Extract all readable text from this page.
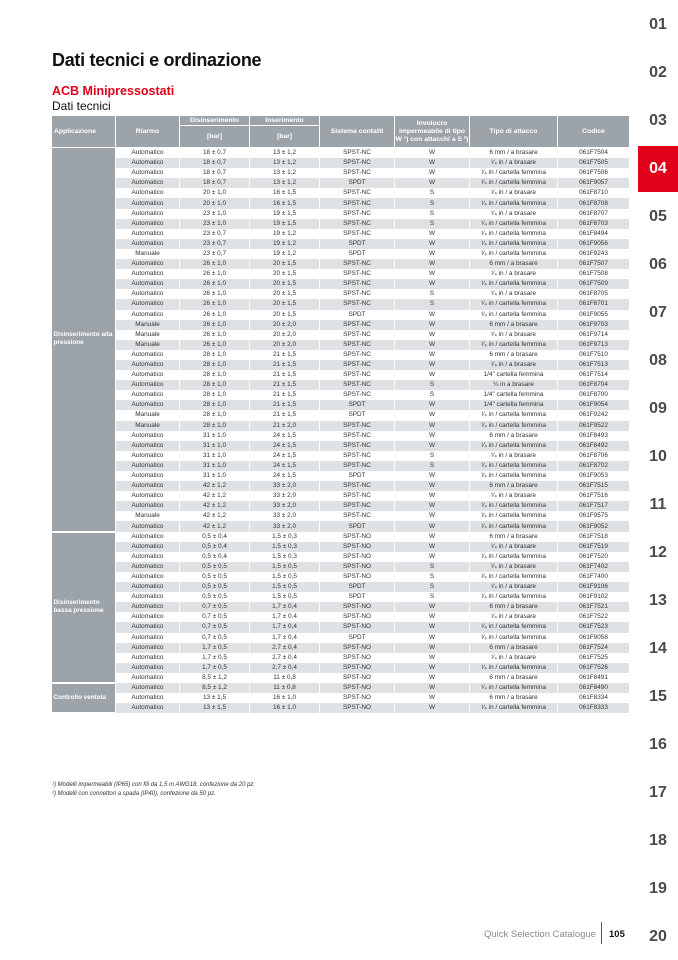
Dati tecnici e ordinazione
ACB Minipressostati
Dati tecnici
Applicazione	Riarmo	Disinserimento	Inserimento	Sistema contatti	Involucro impermeabile di tipo W ¹) con attacchi a S ²)	Tipo di attacco	Codice
		[bar]	[bar]				
Disinserimento alta pressione	Automatico	18 ± 0,7	13 ± 1,2	SPST-NC	W	6 mm / a brasare	061F7504
	Automatico	18 ± 0,7	13 ± 1,2	SPST-NC	W	¹⁄₄ in / a brasare	061F7505
	Automatico	18 ± 0,7	13 ± 1,2	SPST-NC	W	¹⁄₄ in / cartella femmina	061F7506
	Automatico	18 ± 0,7	13 ± 1,2	SPDT	W	¹⁄₄ in / cartella femmina	061F9057
	Automatico	20 ± 1,0	16 ± 1,5	SPST-NC	S	¹⁄₄ in / a brasare	061F8710
	Automatico	20 ± 1,0	16 ± 1,5	SPST-NC	S	¹⁄₄ in / cartella femmina	061F8708
	Automatico	23 ± 1,0	19 ± 1,5	SPST-NC	S	¹⁄₄ in / a brasare	061F8707
	Automatico	23 ± 1,0	19 ± 1,5	SPST-NC	S	¹⁄₄ in / cartella femmina	061F8703
	Automatico	23 ± 0,7	19 ± 1,2	SPST-NC	W	¹⁄₄ in / cartella femmina	061F8494
	Automatico	23 ± 0,7	19 ± 1,2	SPDT	W	¹⁄₄ in / cartella femmina	061F9056
	Manuale	23 ± 0,7	19 ± 1,2	SPDT	W	¹⁄₄ in / cartella femmina	061F9243
	Automatico	26 ± 1,0	20 ± 1,5	SPST-NC	W	6 mm / a brasare	061F7507
	Automatico	26 ± 1,0	20 ± 1,5	SPST-NC	W	¹⁄₄ in / a brasare	061F7508
	Automatico	26 ± 1,0	20 ± 1,5	SPST-NC	W	¹⁄₄ in / cartella femmina	061F7509
	Automatico	26 ± 1,0	20 ± 1,5	SPST-NC	S	¹⁄₄ in / a brasare	061F8705
	Automatico	26 ± 1,0	20 ± 1,5	SPST-NC	S	¹⁄₄ in / cartella femmina	061F8701
	Automatico	26 ± 1,0	20 ± 1,5	SPDT	W	¹⁄₄ in / cartella femmina	061F9055
	Manuale	26 ± 1,0	20 ± 2,0	SPST-NC	W	6 mm / a brasare	061F9703
	Manuale	26 ± 1,0	20 ± 2,0	SPST-NC	W	¹⁄₄ in / a brasare	061F9714
	Manuale	26 ± 1,0	20 ± 2,0	SPST-NC	W	¹⁄₄ in / cartella femmina	061F9713
	Automatico	28 ± 1,0	21 ± 1,5	SPST-NC	W	6 mm / a brasare	061F7510
	Automatico	28 ± 1,0	21 ± 1,5	SPST-NC	W	¹⁄₄ in / a brasare	061F7513
	Automatico	28 ± 1,0	21 ± 1,5	SPST-NC	W	1/4" cartella femmina	061F7514
	Automatico	28 ± 1,0	21 ± 1,5	SPST-NC	S	¼ in a brasare	061F8704
	Automatico	28 ± 1,0	21 ± 1,5	SPST-NC	S	1/4" cartella femmina	061F8700
	Automatico	28 ± 1,0	21 ± 1,5	SPDT	W	1/4" cartella femmina	061F9054
	Manuale	28 ± 1,0	21 ± 1,5	SPDT	W	¹⁄₄ in / cartella femmina	061F9242
	Manuale	28 ± 1,0	21 ± 2,0	SPST-NC	W	¹⁄₄ in / cartella femmina	061F9522
	Automatico	31 ± 1,0	24 ± 1,5	SPST-NC	W	6 mm / a brasare	061F8493
	Automatico	31 ± 1,0	24 ± 1,5	SPST-NC	W	¹⁄₄ in / cartella femmina	061F8492
	Automatico	31 ± 1,0	24 ± 1,5	SPST-NC	S	¹⁄₄ in / a brasare	061F8706
	Automatico	31 ± 1,0	24 ± 1,5	SPST-NC	S	¹⁄₄ in / cartella femmina	061F8702
	Automatico	31 ± 1,0	24 ± 1,5	SPDT	W	¹⁄₄ in / cartella femmina	061F9053
	Automatico	42 ± 1,2	33 ± 2,0	SPST-NC	W	6 mm / a brasare	061F7515
	Automatico	42 ± 1,2	33 ± 2,0	SPST-NC	W	¹⁄₄ in / a brasare	061F7516
	Automatico	42 ± 1,2	33 ± 2,0	SPST-NC	W	¹⁄₄ in / cartella femmina	061F7517
	Manuale	42 ± 1,2	33 ± 2,0	SPST-NC	W	¹⁄₄ in / cartella femmina	061F9575
	Automatico	42 ± 1,2	33 ± 2,0	SPDT	W	¹⁄₄ in / cartella femmina	061F9052
Disinserimento bassa pressione	Automatico	0,5 ± 0,4	1,5 ± 0,3	SPST-NO	W	6 mm / a brasare	061F7518
	Automatico	0,5 ± 0,4	1,5 ± 0,3	SPST-NO	W	¹⁄₄ in / a brasare	061F7519
	Automatico	0,5 ± 0,4	1,5 ± 0,3	SPST-NO	W	¹⁄₄ in / cartella femmina	061F7520
	Automatico	0,5 ± 0,5	1,5 ± 0,5	SPST-NO	S	¹⁄₄ in / a brasare	061F7402
	Automatico	0,5 ± 0,5	1,5 ± 0,5	SPST-NO	S	¹⁄₄ in / cartella femmina	061F7400
	Automatico	0,5 ± 0,5	1,5 ± 0,5	SPDT	S	¹⁄₄ in / a brasare	061F9106
	Automatico	0,5 ± 0,5	1,5 ± 0,5	SPDT	S	¹⁄₄ in / cartella femmina	061F9102
	Automatico	0,7 ± 0,5	1,7 ± 0,4	SPST-NO	W	6 mm / a brasare	061F7521
	Automatico	0,7 ± 0,5	1,7 ± 0,4	SPST-NO	W	¹⁄₄ in / a brasare	061F7522
	Automatico	0,7 ± 0,5	1,7 ± 0,4	SPST-NO	W	¹⁄₄ in / cartella femmina	061F7523
	Automatico	0,7 ± 0,5	1,7 ± 0,4	SPDT	W	¹⁄₄ in / cartella femmina	061F9058
	Automatico	1,7 ± 0,5	2,7 ± 0,4	SPST-NO	W	6 mm / a brasare	061F7524
	Automatico	1,7 ± 0,5	2,7 ± 0,4	SPST-NO	W	¹⁄₄ in / a brasare	061F7525
	Automatico	1,7 ± 0,5	2,7 ± 0,4	SPST-NO	W	¹⁄₄ in / cartella femmina	061F7526
	Automatico	8,5 ± 1,2	11 ± 0,8	SPST-NO	W	6 mm / a brasare	061F8491
Controllo ventola	Automatico	8,5 ± 1,2	11 ± 0,8	SPST-NO	W	¹⁄₄ in / cartella femmina	061F8490
	Automatico	13 ± 1,5	16 ± 1,0	SPST-NO	W	6 mm / a brasare	061F8334
	Automatico	13 ± 1,5	16 ± 1,0	SPST-NO	W	¹⁄₄ in / cartella femmina	061F8333
¹) Modelli impermeabili (IP65) con fili da 1,5 m AWG18, confezione da 20 pz.
²) Modelli con connettori a spada (IP40), confezione da 50 pz.
01
02
03
04
05
06
07
08
09
10
11
12
13
14
15
16
17
18
19
20
Quick Selection Catalogue 105
